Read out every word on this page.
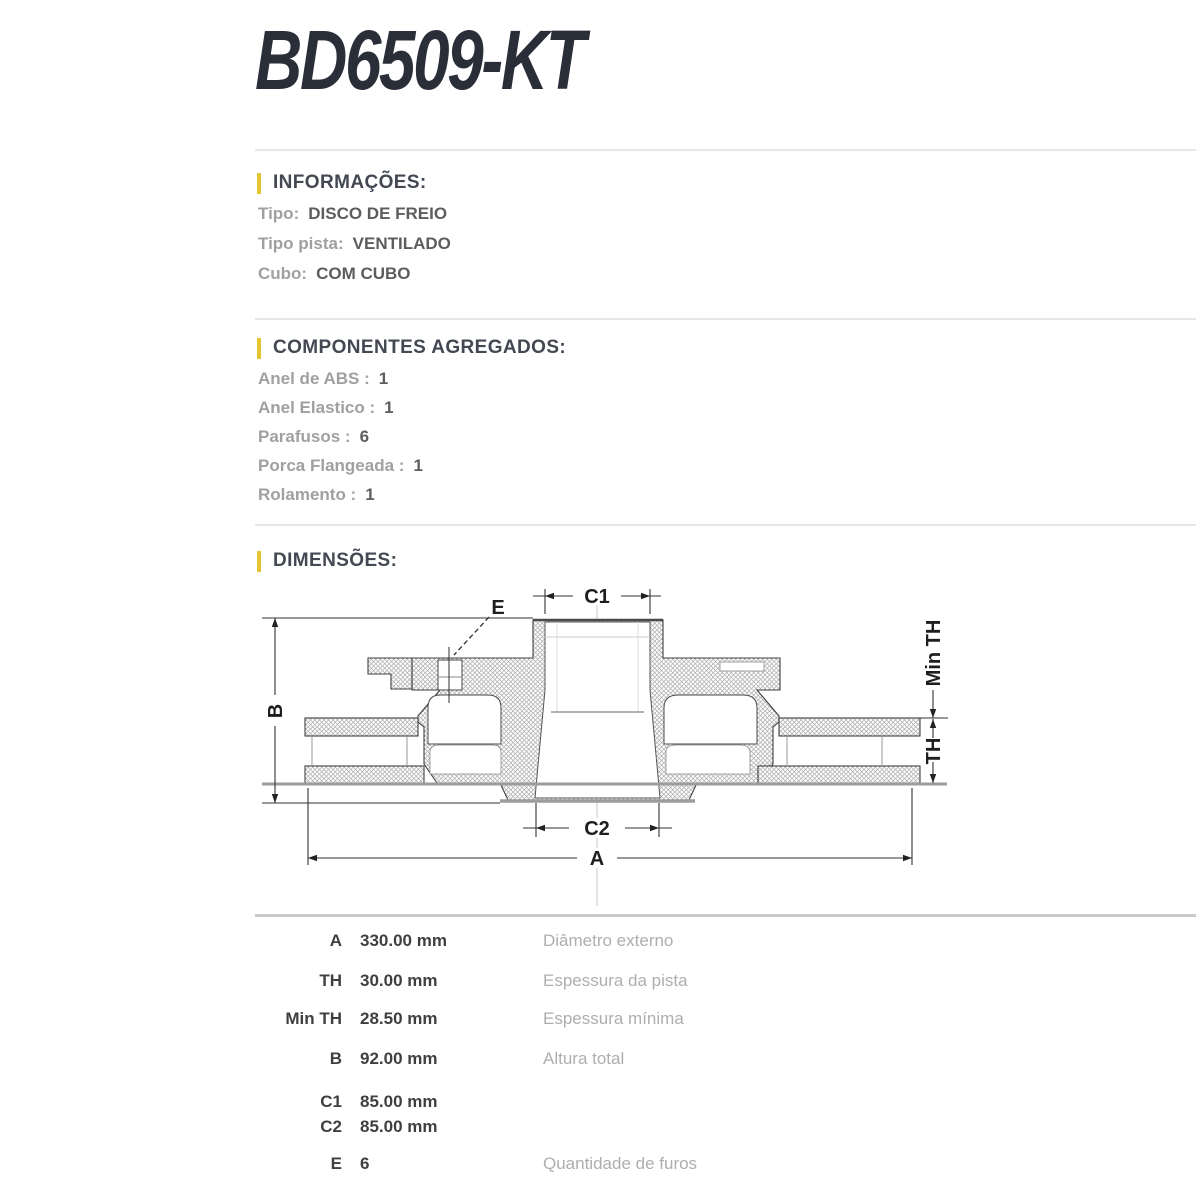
BD6509-KT
INFORMAÇÕES:
Tipo: DISCO DE FREIO
Tipo pista: VENTILADO
Cubo: COM CUBO
COMPONENTES AGREGADOS:
Anel de ABS : 1
Anel Elastico : 1
Parafusos : 6
Porca Flangeada : 1
Rolamento : 1
DIMENSÕES:
C1
C2
A
B
Min TH
TH
E
A 330.00 mm	Diâmetro externo
TH 30.00 mm	Espessura da pista
Min TH 28.50 mm	Espessura mínima
B 92.00 mm	Altura total
C1 85.00 mm
C2 85.00 mm
E 6	Quantidade de furos
